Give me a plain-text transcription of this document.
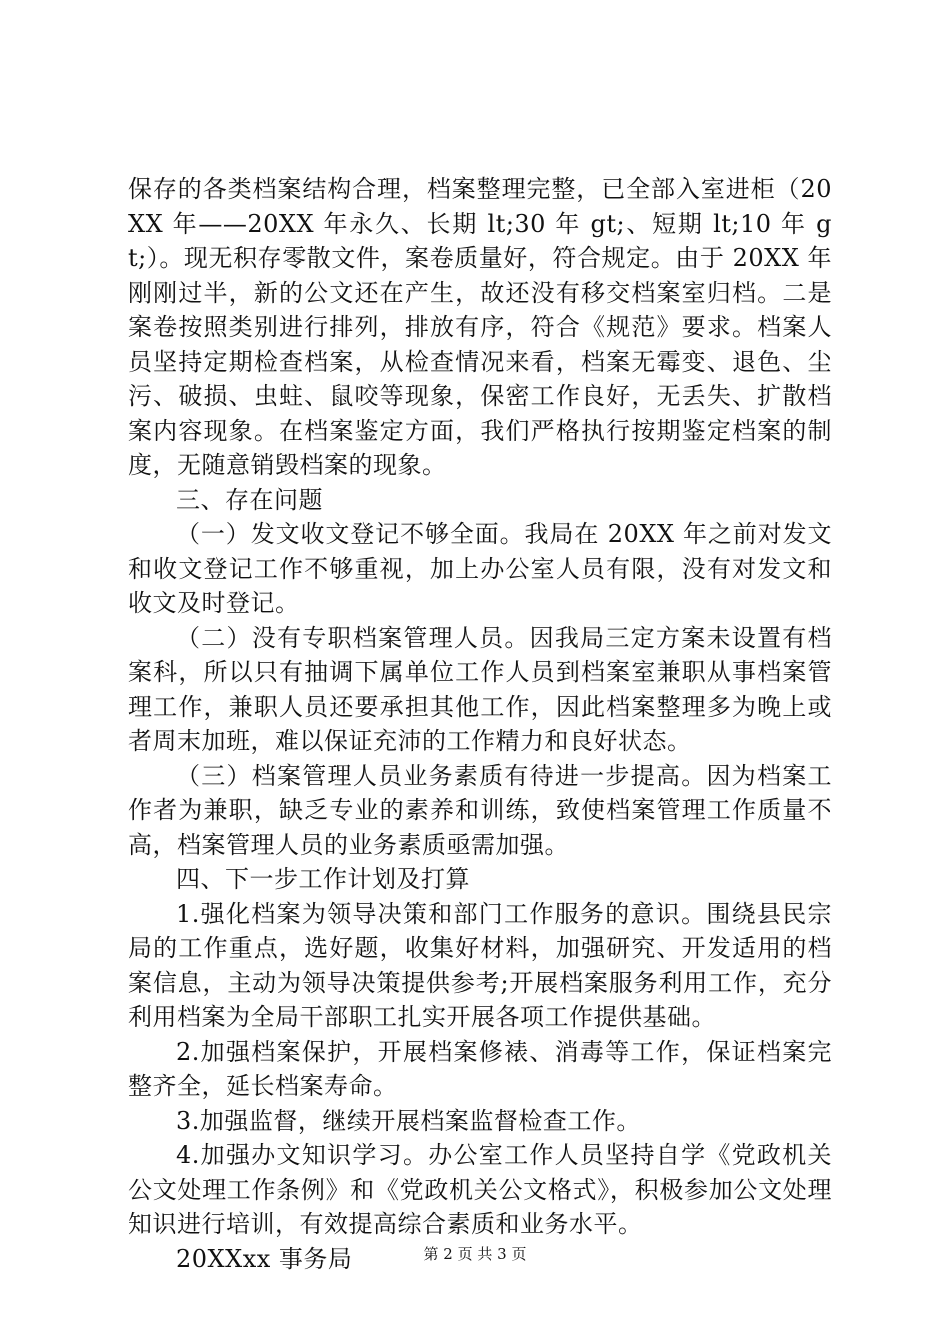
保存的各类档案结构合理，档案整理完整，已全部入室进柜（20XX 年——20XX 年永久、长期 lt;30 年 gt;、短期 lt;10 年 gt;）。现无积存零散文件，案卷质量好，符合规定。由于 20XX 年刚刚过半，新的公文还在产生，故还没有移交档案室归档。二是案卷按照类别进行排列，排放有序，符合《规范》要求。档案人员坚持定期检查档案，从检查情况来看，档案无霉变、退色、尘污、破损、虫蛀、鼠咬等现象，保密工作良好，无丢失、扩散档案内容现象。在档案鉴定方面，我们严格执行按期鉴定档案的制度，无随意销毁档案的现象。

三、存在问题

（一）发文收文登记不够全面。我局在 20XX 年之前对发文和收文登记工作不够重视，加上办公室人员有限，没有对发文和收文及时登记。

（二）没有专职档案管理人员。因我局三定方案未设置有档案科，所以只有抽调下属单位工作人员到档案室兼职从事档案管理工作，兼职人员还要承担其他工作，因此档案整理多为晚上或者周末加班，难以保证充沛的工作精力和良好状态。

（三）档案管理人员业务素质有待进一步提高。因为档案工作者为兼职，缺乏专业的素养和训练，致使档案管理工作质量不高，档案管理人员的业务素质亟需加强。

四、下一步工作计划及打算

1.强化档案为领导决策和部门工作服务的意识。围绕县民宗局的工作重点，选好题，收集好材料，加强研究、开发适用的档案信息，主动为领导决策提供参考;开展档案服务利用工作，充分利用档案为全局干部职工扎实开展各项工作提供基础。

2.加强档案保护，开展档案修裱、消毒等工作，保证档案完整齐全，延长档案寿命。

3.加强监督，继续开展档案监督检查工作。

4.加强办文知识学习。办公室工作人员坚持自学《党政机关公文处理工作条例》和《党政机关公文格式》，积极参加公文处理知识进行培训，有效提高综合素质和业务水平。

20XXxx 事务局	第 2 页 共 3 页
